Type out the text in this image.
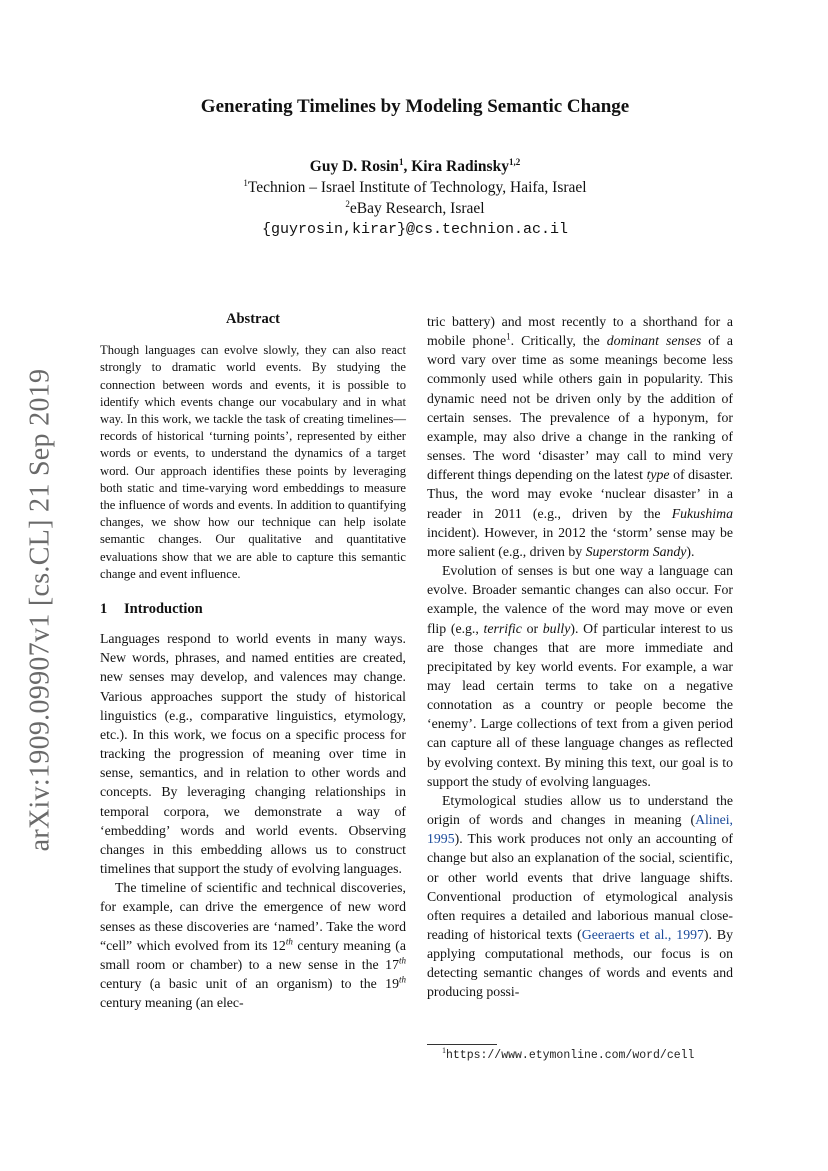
arXiv:1909.09907v1 [cs.CL] 21 Sep 2019
Generating Timelines by Modeling Semantic Change
Guy D. Rosin$^1$, Kira Radinsky$^{1,2}$
$^1$Technion – Israel Institute of Technology, Haifa, Israel
$^2$eBay Research, Israel
{guyrosin,kirar}@cs.technion.ac.il
Abstract

Though languages can evolve slowly, they can also react strongly to dramatic world events. By studying the connection between words and events, it is possible to identify which events change our vocabulary and in what way. In this work, we tackle the task of creating timelines—records of historical ‘turning points’, represented by either words or events, to understand the dynamics of a target word. Our approach identifies these points by leveraging both static and time-varying word embeddings to measure the influence of words and events. In addition to quantifying changes, we show how our technique can help isolate semantic changes. Our qualitative and quantitative evaluations show that we are able to capture this semantic change and event influence.

1 Introduction

Languages respond to world events in many ways. New words, phrases, and named entities are created, new senses may develop, and valences may change. Various approaches support the study of historical linguistics (e.g., comparative linguistics, etymology, etc.). In this work, we focus on a specific process for tracking the progression of meaning over time in sense, semantics, and in relation to other words and concepts. By leveraging changing relationships in temporal corpora, we demonstrate a way of ‘embedding’ words and world events. Observing changes in this embedding allows us to construct timelines that support the study of evolving languages.

The timeline of scientific and technical discoveries, for example, can drive the emergence of new word senses as these discoveries are ‘named’. Take the word “cell” which evolved from its 12th century meaning (a small room or chamber) to a new sense in the 17th century (a basic unit of an organism) to the 19th century meaning (an elec-

tric battery) and most recently to a shorthand for a mobile phone$^1$. Critically, the dominant senses of a word vary over time as some meanings become less commonly used while others gain in popularity. This dynamic need not be driven only by the addition of certain senses. The prevalence of a hyponym, for example, may also drive a change in the ranking of senses. The word ‘disaster’ may call to mind very different things depending on the latest type of disaster. Thus, the word may evoke ‘nuclear disaster’ in a reader in 2011 (e.g., driven by the Fukushima incident). However, in 2012 the ‘storm’ sense may be more salient (e.g., driven by Superstorm Sandy).

Evolution of senses is but one way a language can evolve. Broader semantic changes can also occur. For example, the valence of the word may move or even flip (e.g., terrific or bully). Of particular interest to us are those changes that are more immediate and precipitated by key world events. For example, a war may lead certain terms to take on a negative connotation as a country or people become the ‘enemy’. Large collections of text from a given period can capture all of these language changes as reflected by evolving context. By mining this text, our goal is to support the study of evolving languages.

Etymological studies allow us to understand the origin of words and changes in meaning (Alinei, 1995). This work produces not only an accounting of change but also an explanation of the social, scientific, or other world events that drive language shifts. Conventional production of etymological analysis often requires a detailed and laborious manual close-reading of historical texts (Geeraerts et al., 1997). By applying computational methods, our focus is on detecting semantic changes of words and events and producing possi-

$^1$https://www.etymonline.com/word/cell
